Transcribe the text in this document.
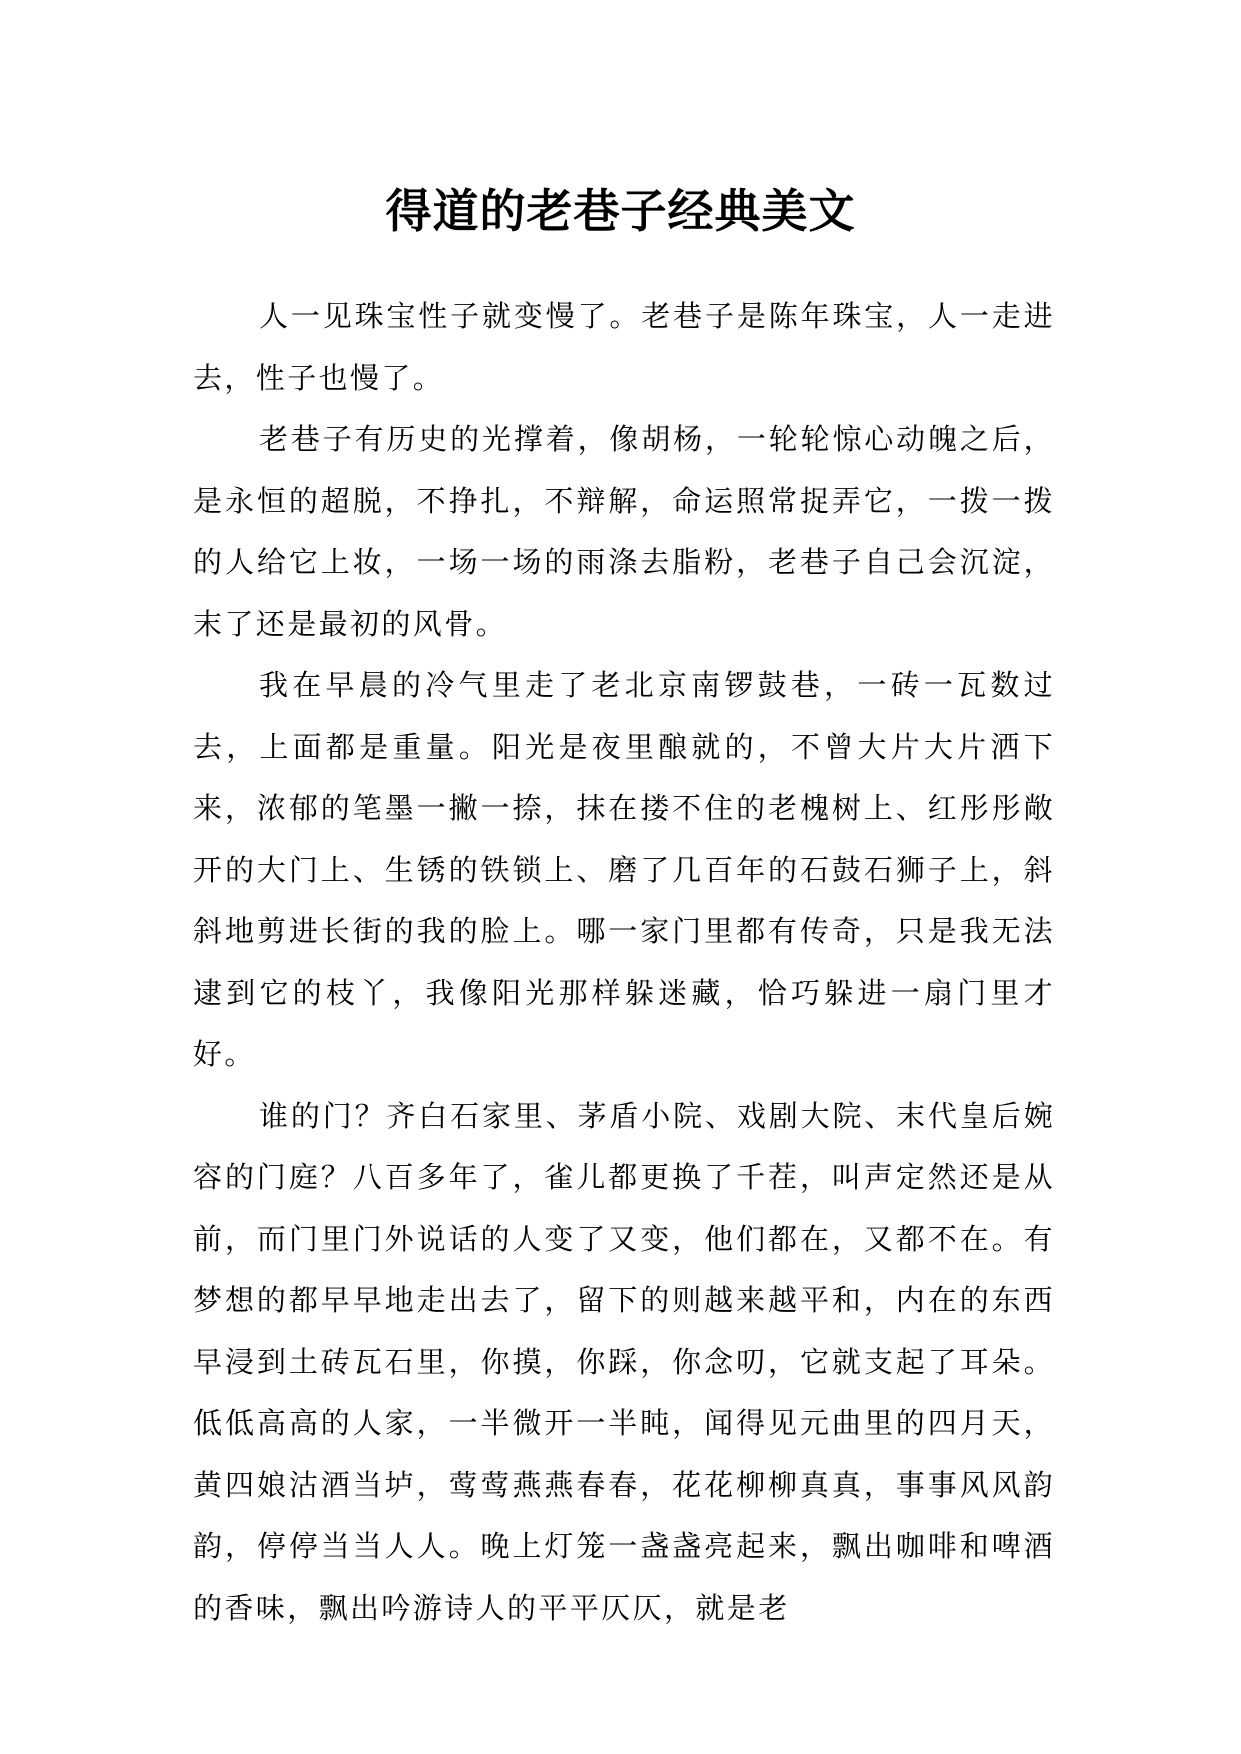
得道的老巷子经典美文

人一见珠宝性子就变慢了。老巷子是陈年珠宝，人一走进去，性子也慢了。

老巷子有历史的光撑着，像胡杨，一轮轮惊心动魄之后，是永恒的超脱，不挣扎，不辩解，命运照常捉弄它，一拨一拨的人给它上妆，一场一场的雨涤去脂粉，老巷子自己会沉淀，末了还是最初的风骨。

我在早晨的冷气里走了老北京南锣鼓巷，一砖一瓦数过去，上面都是重量。阳光是夜里酿就的，不曾大片大片洒下来，浓郁的笔墨一撇一捺，抹在搂不住的老槐树上、红彤彤敞开的大门上、生锈的铁锁上、磨了几百年的石鼓石狮子上，斜斜地剪进长街的我的脸上。哪一家门里都有传奇，只是我无法逮到它的枝丫，我像阳光那样躲迷藏，恰巧躲进一扇门里才好。

谁的门？齐白石家里、茅盾小院、戏剧大院、末代皇后婉容的门庭？八百多年了，雀儿都更换了千茬，叫声定然还是从前，而门里门外说话的人变了又变，他们都在，又都不在。有梦想的都早早地走出去了，留下的则越来越平和，内在的东西早浸到土砖瓦石里，你摸，你踩，你念叨，它就支起了耳朵。低低高高的人家，一半微开一半盹，闻得见元曲里的四月天，黄四娘沽酒当垆，莺莺燕燕春春，花花柳柳真真，事事风风韵韵，停停当当人人。晚上灯笼一盏盏亮起来，飘出咖啡和啤酒的香味，飘出吟游诗人的平平仄仄，就是老
